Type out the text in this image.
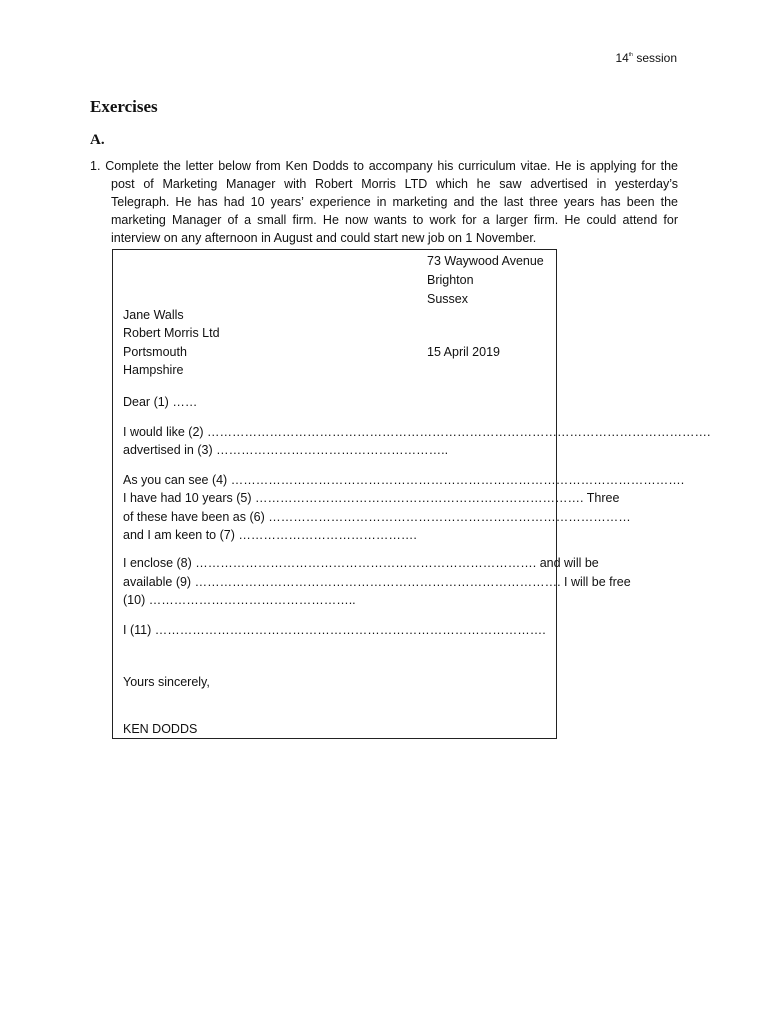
14th session
Exercises
A.
1. Complete the letter below from Ken Dodds to accompany his curriculum vitae. He is applying for the
post of Marketing Manager with Robert Morris LTD which he saw advertised in yesterday’s
Telegraph. He has had 10 years’ experience in marketing and the last three years has been the
marketing Manager of a small firm. He now wants to work for a larger firm. He could attend for
interview on any afternoon in August and could start new job on 1 November.
73 Waywood Avenue
Brighton
Sussex
Jane Walls
Robert Morris Ltd
Portsmouth
Hampshire
15 April 2019
Dear (1) ……
I would like (2) ………………………………………………………………………………………………………….
advertised in (3) ………………………………………………..
As you can see (4) ……………………………………………………………………………………………….
I have had 10 years (5) ……………………………………………………………………. Three
of these have been as (6) ……………………………………………………………………………
and I am keen to (7) …………………………………….
I enclose (8) ………………………………………………………………………. and will be
available (9) ……………………………………………………………………………. I will be free
(10) …………………………………………..
I (11) ………………………………………………………………………………….
Yours sincerely,
KEN DODDS
